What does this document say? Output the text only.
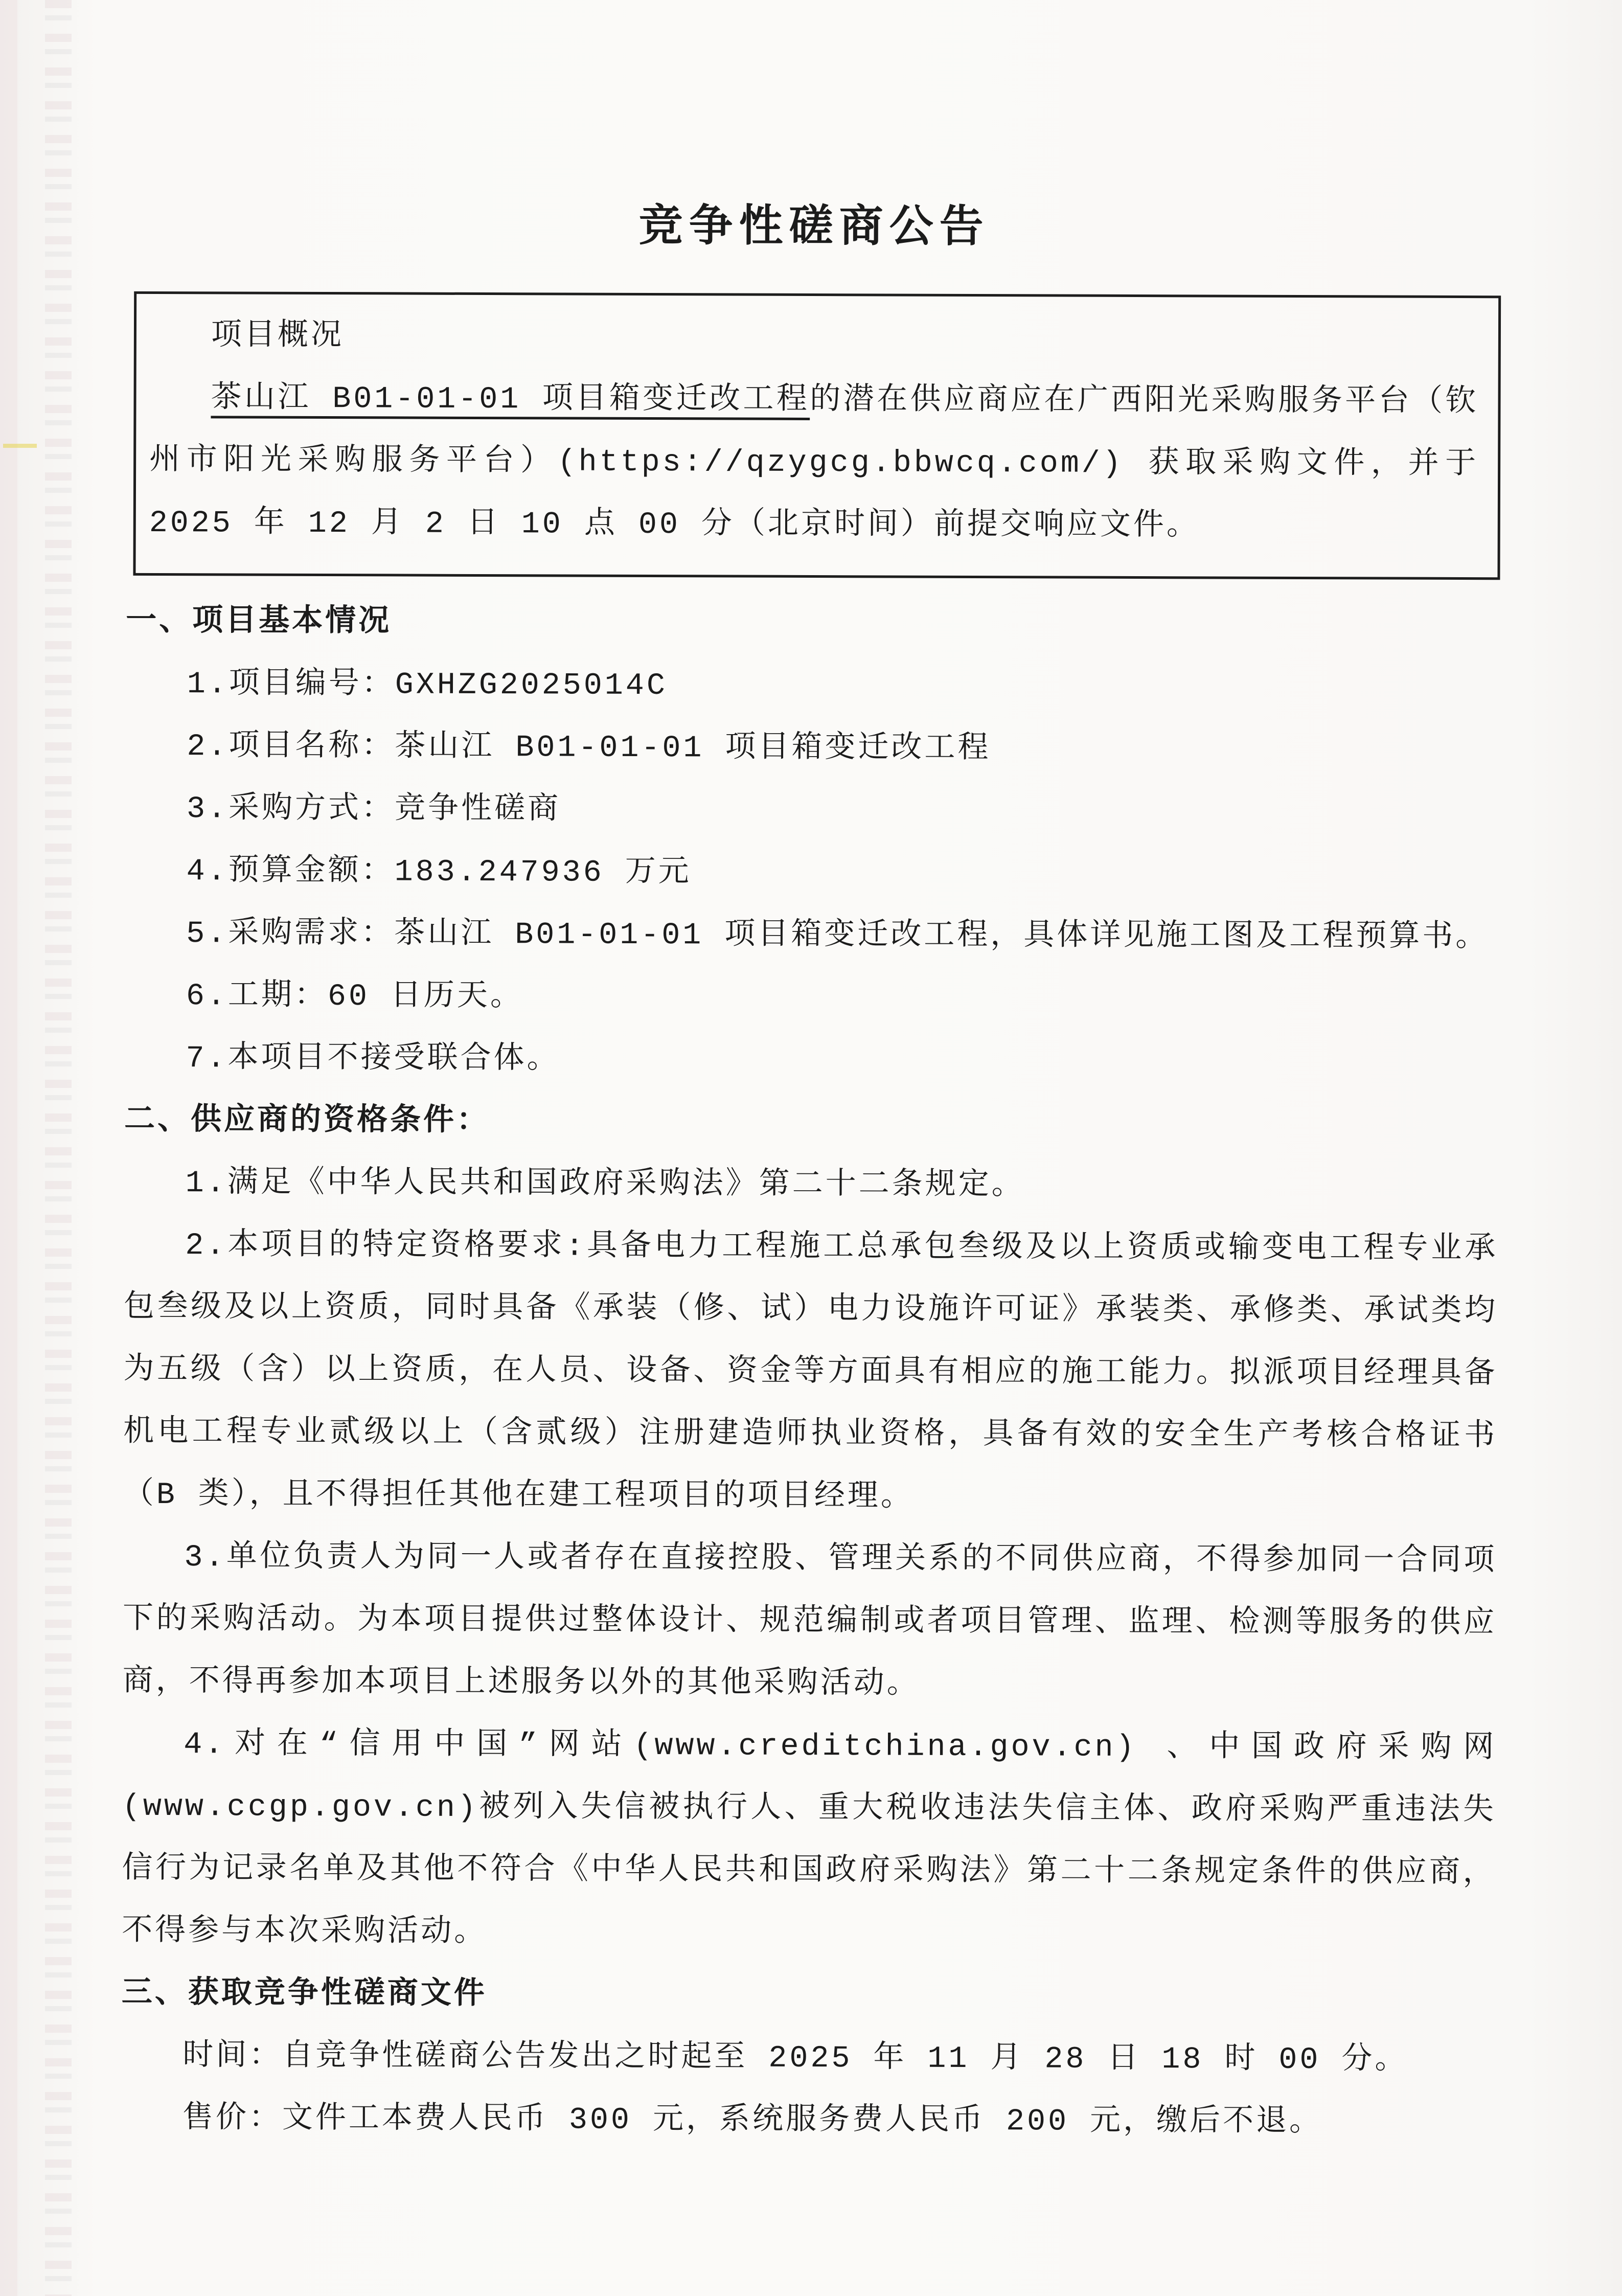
竞争性磋商公告

项目概况

茶山江 B01-01-01 项目箱变迁改工程的潜在供应商应在广西阳光采购服务平台（钦州市阳光采购服务平台）(https://qzygcg.bbwcq.com/) 获取采购文件，并于 2025 年 12 月 2 日 10 点 00 分（北京时间）前提交响应文件。

一、项目基本情况

1.项目编号：GXHZG2025014C

2.项目名称：茶山江 B01-01-01 项目箱变迁改工程

3.采购方式：竞争性磋商

4.预算金额：183.247936 万元

5.采购需求：茶山江 B01-01-01 项目箱变迁改工程，具体详见施工图及工程预算书。

6.工期：60 日历天。

7.本项目不接受联合体。

二、供应商的资格条件：

1.满足《中华人民共和国政府采购法》第二十二条规定。

2.本项目的特定资格要求:具备电力工程施工总承包叁级及以上资质或输变电工程专业承包叁级及以上资质，同时具备《承装（修、试）电力设施许可证》承装类、承修类、承试类均为五级（含）以上资质，在人员、设备、资金等方面具有相应的施工能力。拟派项目经理具备机电工程专业贰级以上（含贰级）注册建造师执业资格，具备有效的安全生产考核合格证书（B 类），且不得担任其他在建工程项目的项目经理。

3.单位负责人为同一人或者存在直接控股、管理关系的不同供应商，不得参加同一合同项下的采购活动。为本项目提供过整体设计、规范编制或者项目管理、监理、检测等服务的供应商，不得再参加本项目上述服务以外的其他采购活动。

4.对在“信用中国”网站(www.creditchina.gov.cn) 、中国政府采购网(www.ccgp.gov.cn)被列入失信被执行人、重大税收违法失信主体、政府采购严重违法失信行为记录名单及其他不符合《中华人民共和国政府采购法》第二十二条规定条件的供应商，不得参与本次采购活动。

三、获取竞争性磋商文件

时间：自竞争性磋商公告发出之时起至 2025 年 11 月 28 日 18 时 00 分。

售价：文件工本费人民币 300 元，系统服务费人民币 200 元，缴后不退。
